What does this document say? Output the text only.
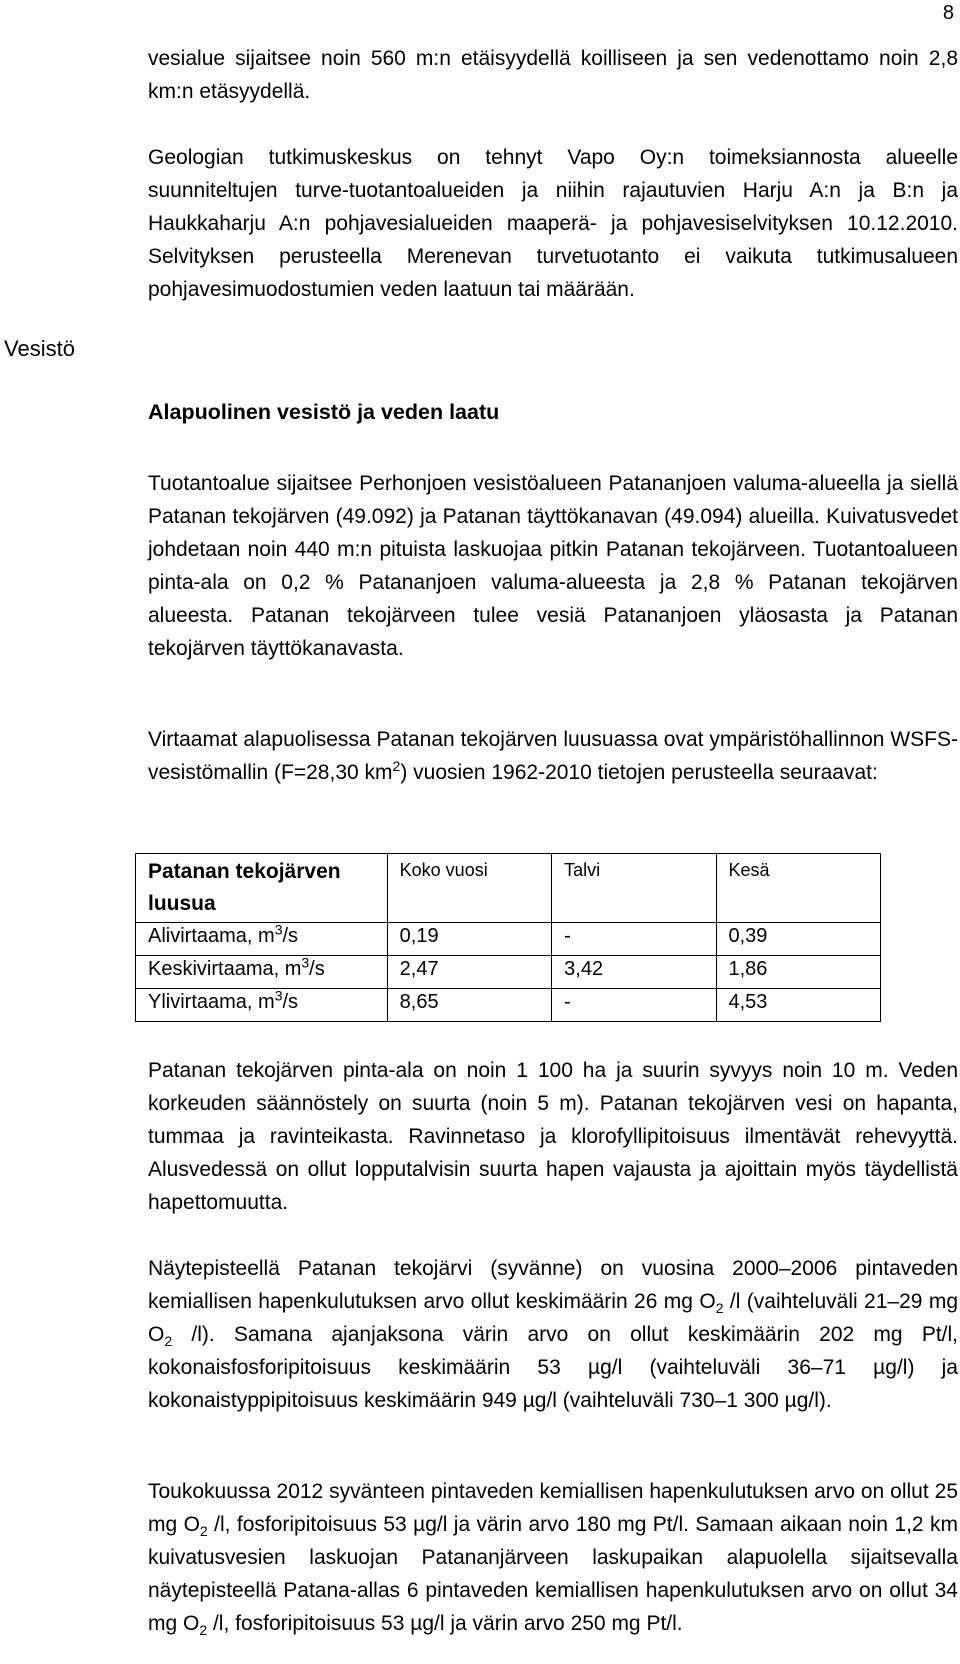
8
Vesistö

vesialue sijaitsee noin 560 m:n etäisyydellä koilliseen ja sen vedenottamo noin 2,8 km:n etäsyydellä.

Geologian tutkimuskeskus on tehnyt Vapo Oy:n toimeksiannosta alueelle suunniteltujen turve-tuotantoalueiden ja niihin rajautuvien Harju A:n ja B:n ja Haukkaharju A:n pohjavesialueiden maaperä- ja pohjavesiselvityksen 10.12.2010. Selvityksen perusteella Merenevan turvetuotanto ei vaikuta tutkimusalueen pohjavesimuodostumien veden laatuun tai määrään.

Alapuolinen vesistö ja veden laatu

Tuotantoalue sijaitsee Perhonjoen vesistöalueen Patananjoen valuma-alueella ja siellä Patanan tekojärven (49.092) ja Patanan täyttökanavan (49.094) alueilla. Kuivatusvedet johdetaan noin 440 m:n pituista laskuojaa pitkin Patanan tekojärveen. Tuotantoalueen pinta-ala on 0,2 % Patananjoen valuma-alueesta ja 2,8 % Patanan tekojärven alueesta. Patanan tekojärveen tulee vesiä Patananjoen yläosasta ja Patanan tekojärven täyttökanavasta.

Virtaamat alapuolisessa Patanan tekojärven luusuassa ovat ympäristöhallinnon WSFS-vesistömallin (F=28,30 $km^2$) vuosien 1962-2010 tietojen perusteella seuraavat:

Patanan tekojärven luusua	Koko vuosi	Talvi	Kesä
Alivirtaama, $m^3/s$	0,19	-	0,39
Keskivirtaama, $m^3/s$	2,47	3,42	1,86
Ylivirtaama, $m^3/s$	8,65	-	4,53

Patanan tekojärven pinta-ala on noin 1 100 ha ja suurin syvyys noin 10 m. Veden korkeuden säännöstely on suurta (noin 5 m). Patanan tekojärven vesi on hapanta, tummaa ja ravinteikasta. Ravinnetaso ja klorofyllipitoisuus ilmentävät rehevyyttä. Alusvedessä on ollut lopputalvisin suurta hapen vajausta ja ajoittain myös täydellistä hapettomuutta.

Näytepisteellä Patanan tekojärvi (syvänne) on vuosina 2000–2006 pintaveden kemiallisen hapenkulutuksen arvo ollut keskimäärin 26 mg $O_2$ /l (vaihteluväli 21–29 mg $O_2$ /l). Samana ajanjaksona värin arvo on ollut keskimäärin 202 mg Pt/l, kokonaisfosforipitoisuus keskimäärin 53 µg/l (vaihteluväli 36–71 µg/l) ja kokonaistyppipitoisuus keskimäärin 949 µg/l (vaihteluväli 730–1 300 µg/l).

Toukokuussa 2012 syvänteen pintaveden kemiallisen hapenkulutuksen arvo on ollut 25 mg $O_2$ /l, fosforipitoisuus 53 µg/l ja värin arvo 180 mg Pt/l. Samaan aikaan noin 1,2 km kuivatusvesien laskuojan Patananjärveen laskupaikan alapuolella sijaitsevalla näytepisteellä Patana-allas 6 pintaveden kemiallisen hapenkulutuksen arvo on ollut 34 mg $O_2$ /l, fosforipitoisuus 53 µg/l ja värin arvo 250 mg Pt/l.
